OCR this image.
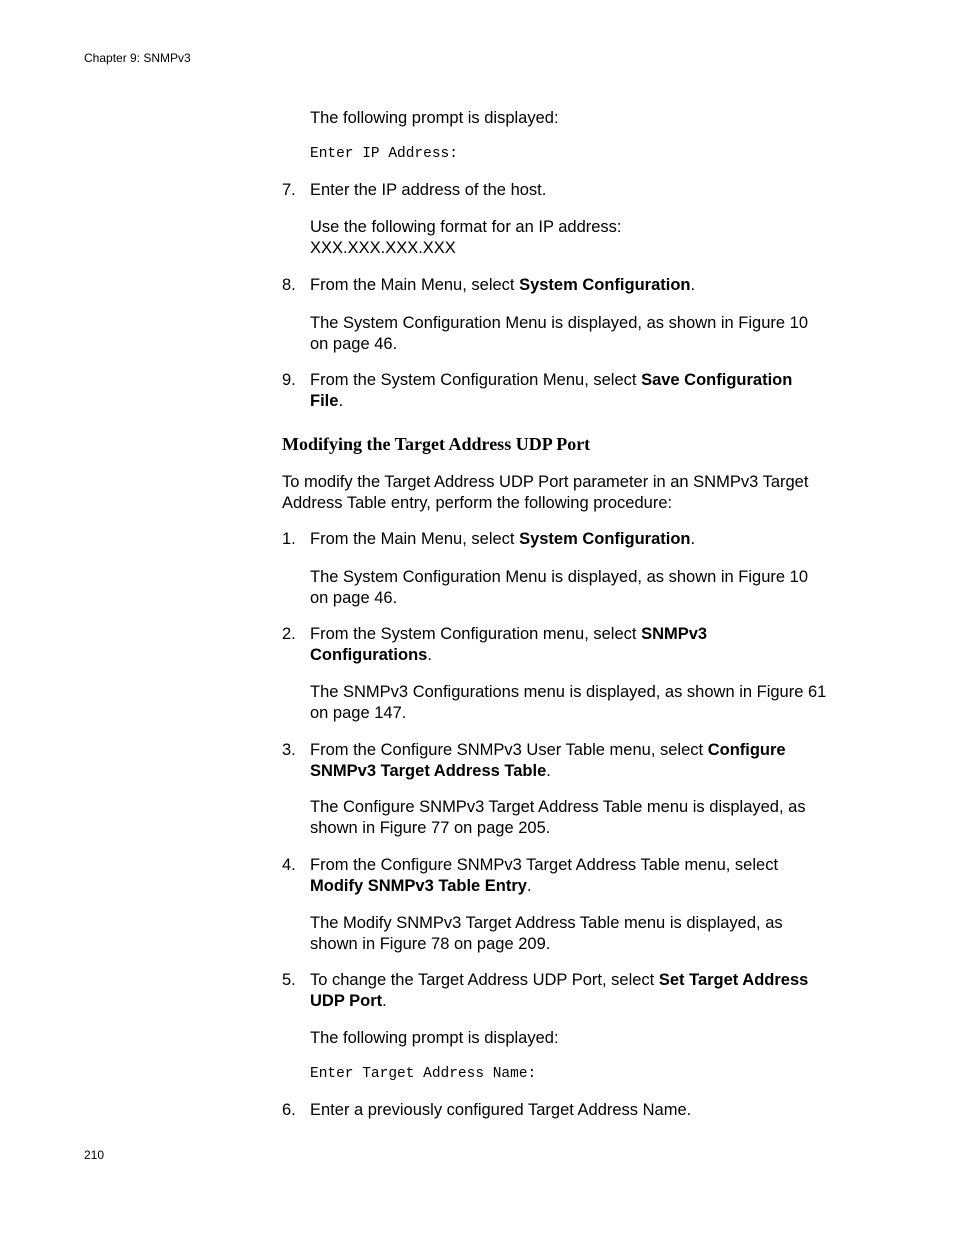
Chapter 9: SNMPv3

The following prompt is displayed:

Enter IP Address:

7. Enter the IP address of the host.

Use the following format for an IP address:
XXX.XXX.XXX.XXX

8. From the Main Menu, select System Configuration.

The System Configuration Menu is displayed, as shown in Figure 10
on page 46.

9. From the System Configuration Menu, select Save Configuration
File.
Modifying the Target Address UDP Port

To modify the Target Address UDP Port parameter in an SNMPv3 Target
Address Table entry, perform the following procedure:

1. From the Main Menu, select System Configuration.

The System Configuration Menu is displayed, as shown in Figure 10
on page 46.

2. From the System Configuration menu, select SNMPv3
Configurations.

The SNMPv3 Configurations menu is displayed, as shown in Figure 61
on page 147.

3. From the Configure SNMPv3 User Table menu, select Configure
SNMPv3 Target Address Table.

The Configure SNMPv3 Target Address Table menu is displayed, as
shown in Figure 77 on page 205.

4. From the Configure SNMPv3 Target Address Table menu, select
Modify SNMPv3 Table Entry.

The Modify SNMPv3 Target Address Table menu is displayed, as
shown in Figure 78 on page 209.

5. To change the Target Address UDP Port, select Set Target Address
UDP Port.

The following prompt is displayed:

Enter Target Address Name:

6. Enter a previously configured Target Address Name.
210
